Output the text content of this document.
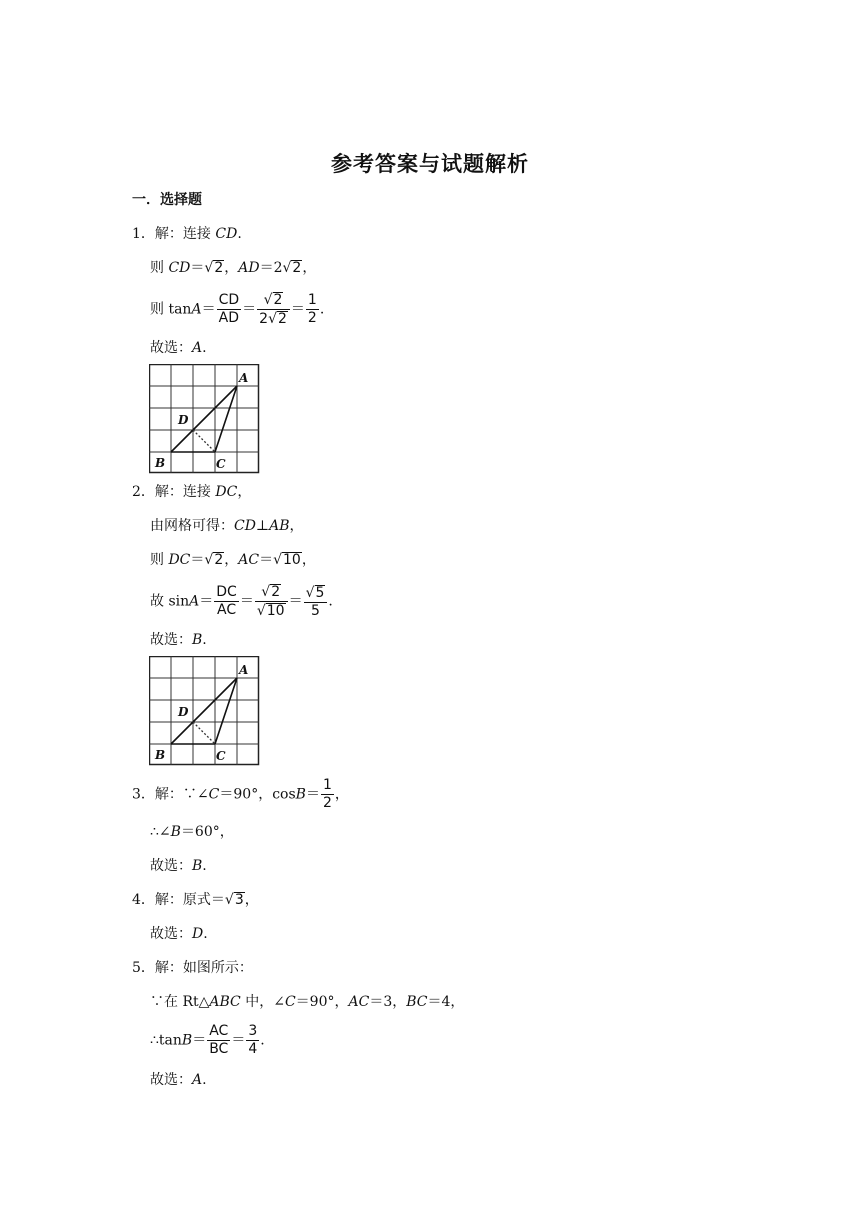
参考答案与试题解析
一．选择题
1．解：连接 CD.
则 CD＝√2，AD＝2√2，
则 $\tan A= \frac{CD}{AD} = \frac{√2}{2√2} = \frac{1}{2}$ .
故选：A.
A
D
B	C
2．解：连接 DC，
由网格可得：CD⊥AB，
则 DC＝√2，AC＝√10，
故 $\sin A= \frac{DC}{AC} = \frac{√2}{√10} = \frac{√5}{5}$ .
故选：B.
A
D
B	C
3．解：∵∠C＝90°，$\cos B= \frac{1}{2}$ ，
∴∠B＝60°，
故选：B.
4．解：原式＝√3，
故选：D.
5．解：如图所示：
∵在 Rt△ABC 中，∠C＝90°，AC＝3，BC＝4，
∴tanB＝ $\frac{AC}{BC} = \frac{3}{4}$ .
故选：A.
